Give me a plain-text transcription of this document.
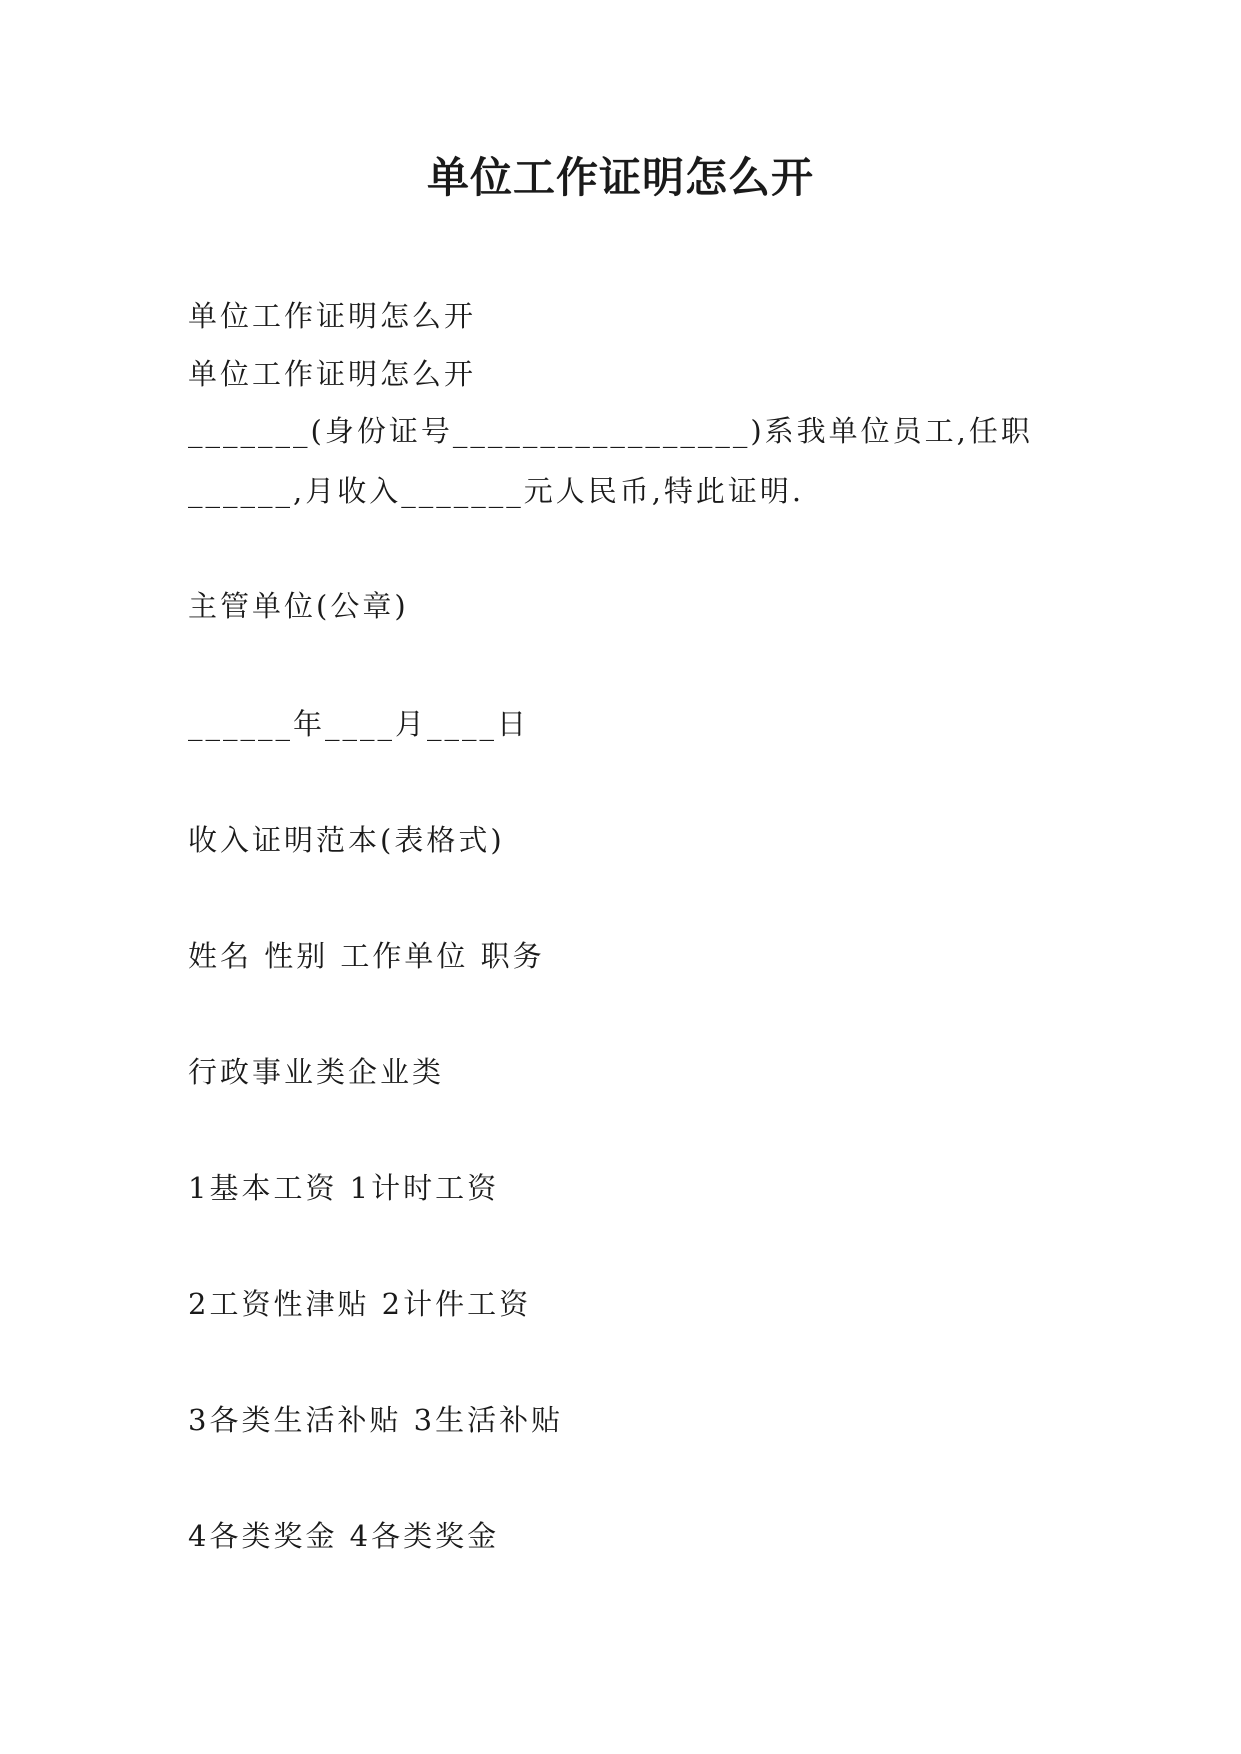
单位工作证明怎么开

单位工作证明怎么开

单位工作证明怎么开

_______(身份证号_________________)系我单位员工,任职

______,月收入_______元人民币,特此证明.

主管单位(公章)

______年____月____日

收入证明范本(表格式)

姓名 性别 工作单位 职务

行政事业类企业类

1基本工资 1计时工资

2工资性津贴 2计件工资

3各类生活补贴 3生活补贴

4各类奖金 4各类奖金
